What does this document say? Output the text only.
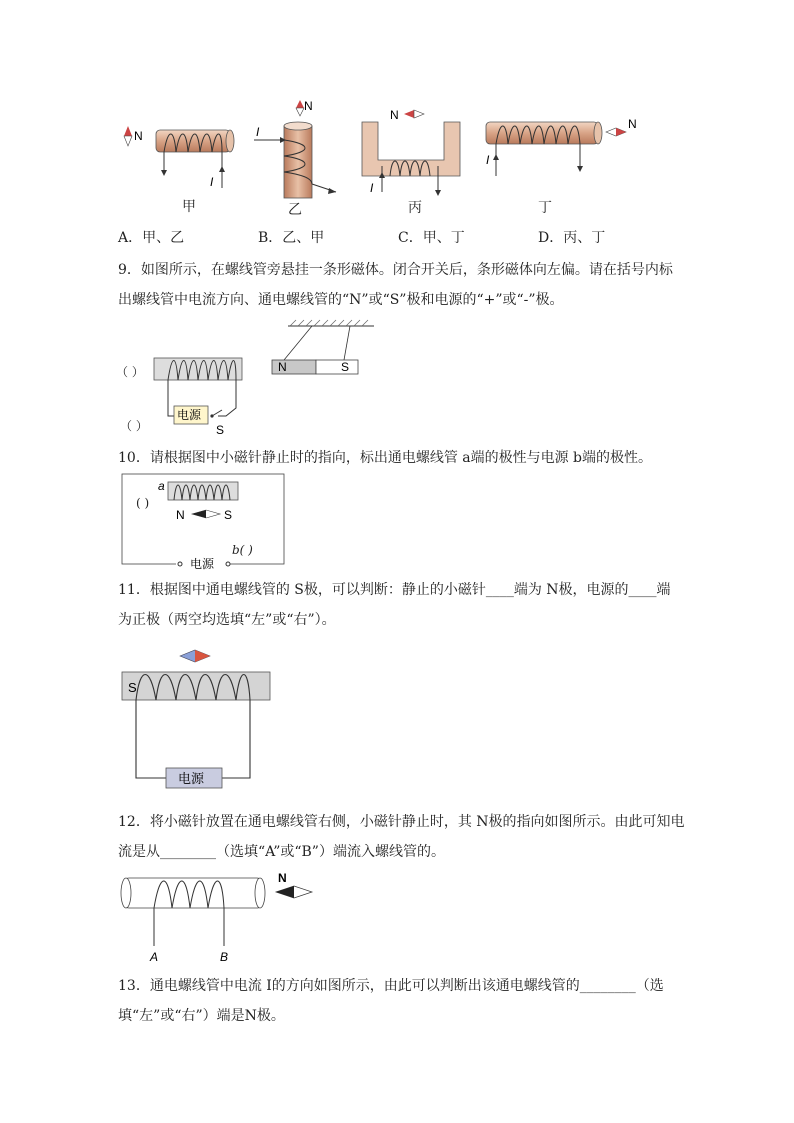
N
I
甲
N
I
乙
N
I
丙
I
N
丁
A．甲、乙	B．乙、甲	C．甲、丁	D．丙、丁
9．如图所示，在螺线管旁悬挂一条形磁体。闭合开关后，条形磁体向左偏。请在括号内标
出螺线管中电流方向、通电螺线管的“N”或“S”极和电源的“+”或“-”极。
N	S
电源
S
（ ）
（ ）
10．请根据图中小磁针静止时的指向，标出通电螺线管 a端的极性与电源 b端的极性。
a
N	S
电源
( )
b( )
11．根据图中通电螺线管的 S极，可以判断：静止的小磁针____端为 N极，电源的____端
为正极（两空均选填“左”或“右”）。
S
电源
12．将小磁针放置在通电螺线管右侧，小磁针静止时，其 N极的指向如图所示。由此可知电
流是从________（选填“A”或“B”）端流入螺线管的。
N
A	B
13．通电螺线管中电流 I的方向如图所示，由此可以判断出该通电螺线管的________（选
填“左”或“右”）端是N极。
